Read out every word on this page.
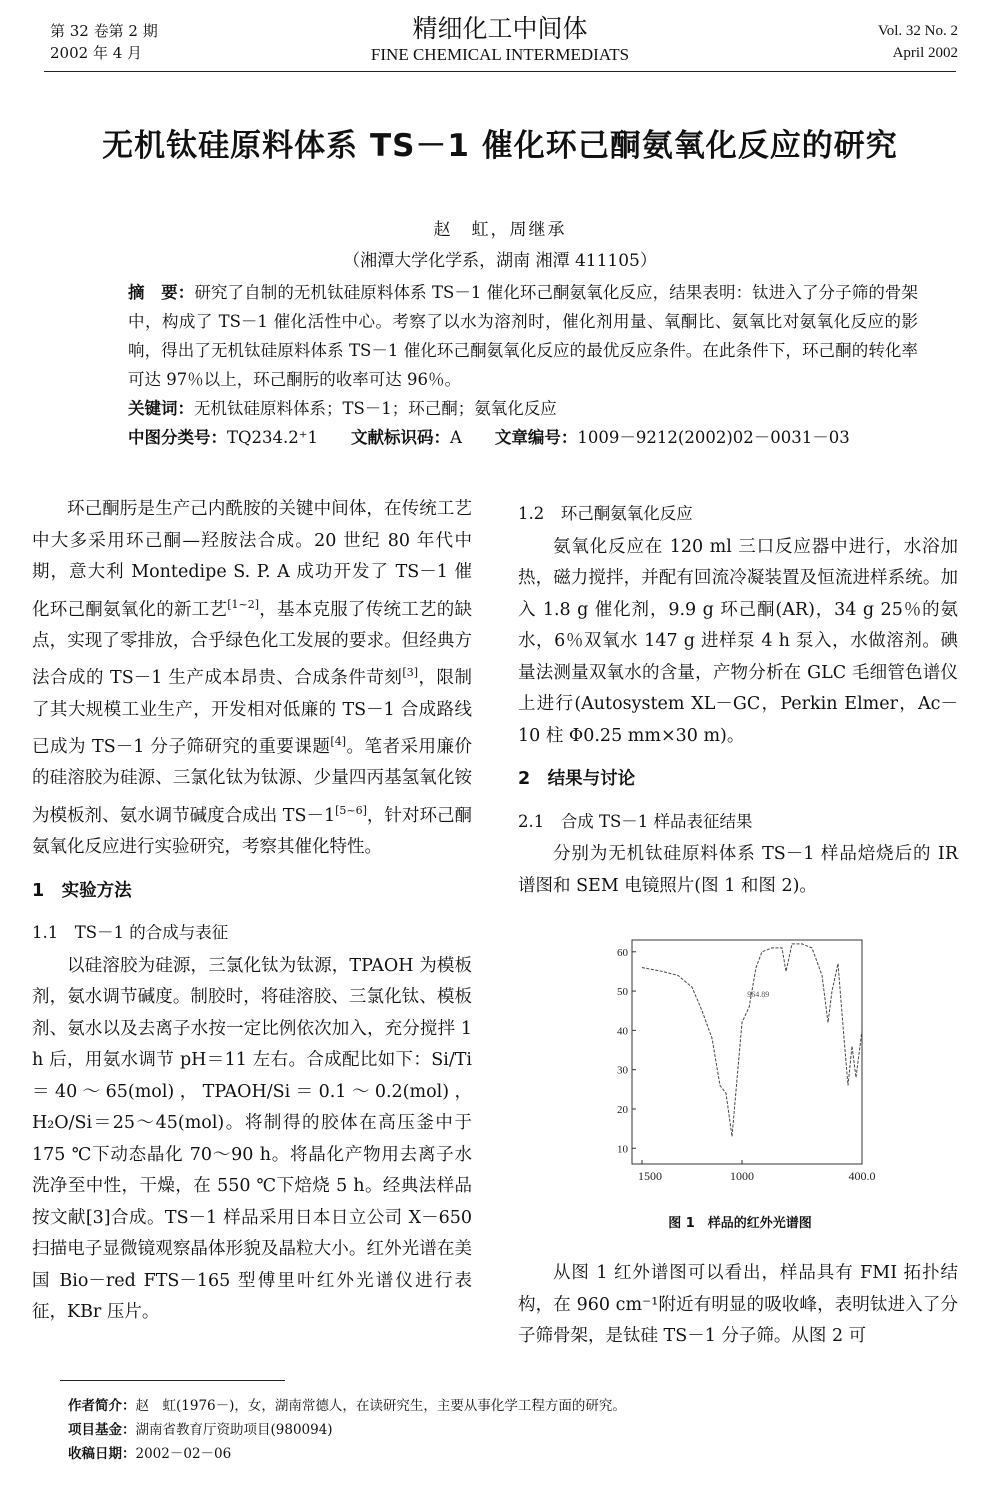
第 32 卷第 2 期
2002 年 4 月
精细化工中间体
FINE CHEMICAL INTERMEDIATS
Vol. 32 No. 2
April 2002
无机钛硅原料体系 TS－1 催化环己酮氨氧化反应的研究
赵　虹，周继承
（湘潭大学化学系，湖南 湘潭 411105）

摘　要：研究了自制的无机钛硅原料体系 TS－1 催化环己酮氨氧化反应，结果表明：钛进入了分子筛的骨架中，构成了 TS－1 催化活性中心。考察了以水为溶剂时，催化剂用量、氧酮比、氨氧比对氨氧化反应的影响，得出了无机钛硅原料体系 TS－1 催化环己酮氨氧化反应的最优反应条件。在此条件下，环己酮的转化率可达 97％以上，环己酮肟的收率可达 96％。

关键词：无机钛硅原料体系；TS－1；环己酮；氨氧化反应

中图分类号：TQ234.2⁺1　　 文献标识码：A　　 文章编号：1009－9212(2002)02－0031－03

环己酮肟是生产己内酰胺的关键中间体，在传统工艺中大多采用环己酮—羟胺法合成。20 世纪 80 年代中期，意大利 Montedipe S. P. A 成功开发了 TS－1 催化环己酮氨氧化的新工艺[1~2]，基本克服了传统工艺的缺点，实现了零排放，合乎绿色化工发展的要求。但经典方法合成的 TS－1 生产成本昂贵、合成条件苛刻[3]，限制了其大规模工业生产，开发相对低廉的 TS－1 合成路线已成为 TS－1 分子筛研究的重要课题[4]。笔者采用廉价的硅溶胶为硅源、三氯化钛为钛源、少量四丙基氢氧化铵为模板剂、氨水调节碱度合成出 TS－1[5~6]，针对环己酮氨氧化反应进行实验研究，考察其催化特性。

1　实验方法

1.1　TS－1 的合成与表征

以硅溶胶为硅源，三氯化钛为钛源，TPAOH 为模板剂，氨水调节碱度。制胶时，将硅溶胶、三氯化钛、模板剂、氨水以及去离子水按一定比例依次加入，充分搅拌 1 h 后，用氨水调节 pH＝11 左右。合成配比如下：Si/Ti＝40～65(mol)，TPAOH/Si＝0.1～0.2(mol)，H₂O/Si＝25～45(mol)。将制得的胶体在高压釜中于 175 ℃下动态晶化 70～90 h。将晶化产物用去离子水洗净至中性，干燥，在 550 ℃下焙烧 5 h。经典法样品按文献[3]合成。TS－1 样品采用日本日立公司 X－650 扫描电子显微镜观察晶体形貌及晶粒大小。红外光谱在美国 Bio－red FTS－165 型傅里叶红外光谱仪进行表征，KBr 压片。

1.2　环己酮氨氧化反应

氨氧化反应在 120 ml 三口反应器中进行，水浴加热，磁力搅拌，并配有回流冷凝装置及恒流进样系统。加入 1.8 g 催化剂，9.9 g 环己酮(AR)，34 g 25％的氨水，6％双氧水 147 g 进样泵 4 h 泵入，水做溶剂。碘量法测量双氧水的含量，产物分析在 GLC 毛细管色谱仪上进行(Autosystem XL－GC，Perkin Elmer，Ac－10 柱 Φ0.25 mm×30 m)。

2　结果与讨论

2.1　合成 TS－1 样品表征结果

分别为无机钛硅原料体系 TS－1 样品焙烧后的 IR 谱图和 SEM 电镜照片(图 1 和图 2)。

60
50
40
30
20
10
1500	1000	400.0
964.89
图 1　样品的红外光谱图

从图 1 红外谱图可以看出，样品具有 FMI 拓扑结构，在 960 cm⁻¹附近有明显的吸收峰，表明钛进入了分子筛骨架，是钛硅 TS－1 分子筛。从图 2 可

作者简介：赵　虹(1976－)，女，湖南常德人，在读研究生，主要从事化学工程方面的研究。
项目基金：湖南省教育厅资助项目(980094)
收稿日期：2002－02－06
